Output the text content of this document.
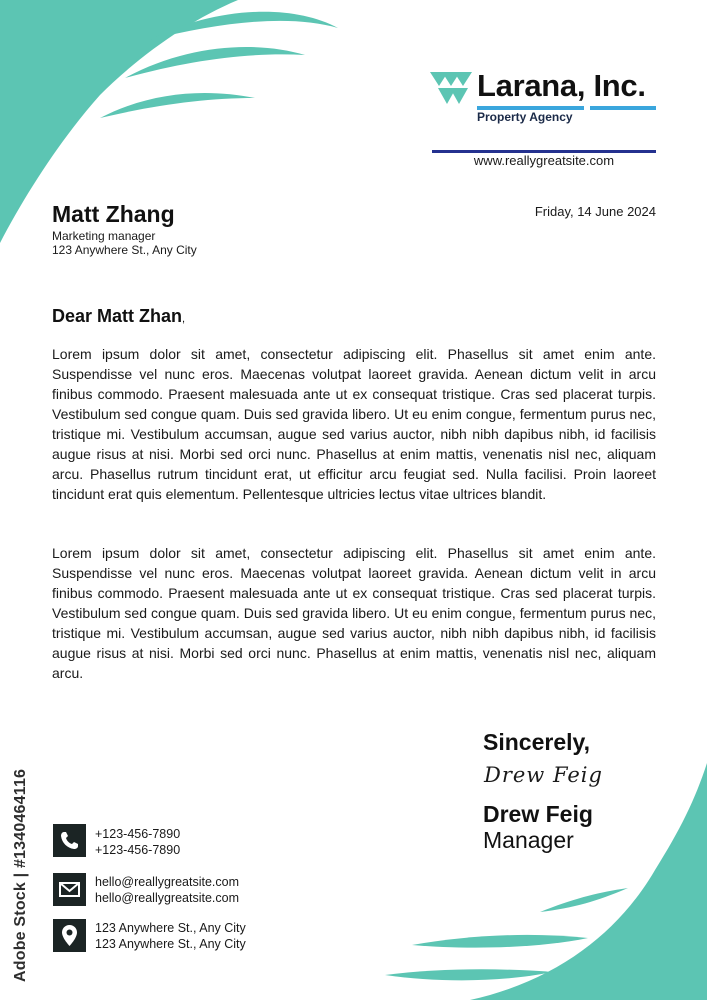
Larana, Inc.
Property Agency
www.reallygreatsite.com
Matt Zhang
Marketing manager
123 Anywhere St., Any City
Friday, 14 June 2024
Dear Matt Zhan,

Lorem ipsum dolor sit amet, consectetur adipiscing elit. Phasellus sit amet enim ante. Suspendisse vel nunc eros. Maecenas volutpat laoreet gravida. Aenean dictum velit in arcu finibus commodo. Praesent malesuada ante ut ex consequat tristique. Cras sed placerat turpis. Vestibulum sed congue quam. Duis sed gravida libero. Ut eu enim congue, fermentum purus nec, tristique mi. Vestibulum accumsan, augue sed varius auctor, nibh nibh dapibus nibh, id facilisis augue risus at nisi. Morbi sed orci nunc. Phasellus at enim mattis, venenatis nisl nec, aliquam arcu. Phasellus rutrum tincidunt erat, ut efficitur arcu feugiat sed. Nulla facilisi. Proin laoreet tincidunt erat quis elementum. Pellentesque ultricies lectus vitae ultrices blandit.

Lorem ipsum dolor sit amet, consectetur adipiscing elit. Phasellus sit amet enim ante. Suspendisse vel nunc eros. Maecenas volutpat laoreet gravida. Aenean dictum velit in arcu finibus commodo. Praesent malesuada ante ut ex consequat tristique. Cras sed placerat turpis. Vestibulum sed congue quam. Duis sed gravida libero. Ut eu enim congue, fermentum purus nec, tristique mi. Vestibulum accumsan, augue sed varius auctor, nibh nibh dapibus nibh, id facilisis augue risus at nisi. Morbi sed orci nunc. Phasellus at enim mattis, venenatis nisl nec, aliquam arcu.

Sincerely,
Drew Feig
Drew Feig
Manager
+123-456-7890
+123-456-7890
hello@reallygreatsite.com
hello@reallygreatsite.com
123 Anywhere St., Any City
123 Anywhere St., Any City
Adobe Stock | #1340464116
